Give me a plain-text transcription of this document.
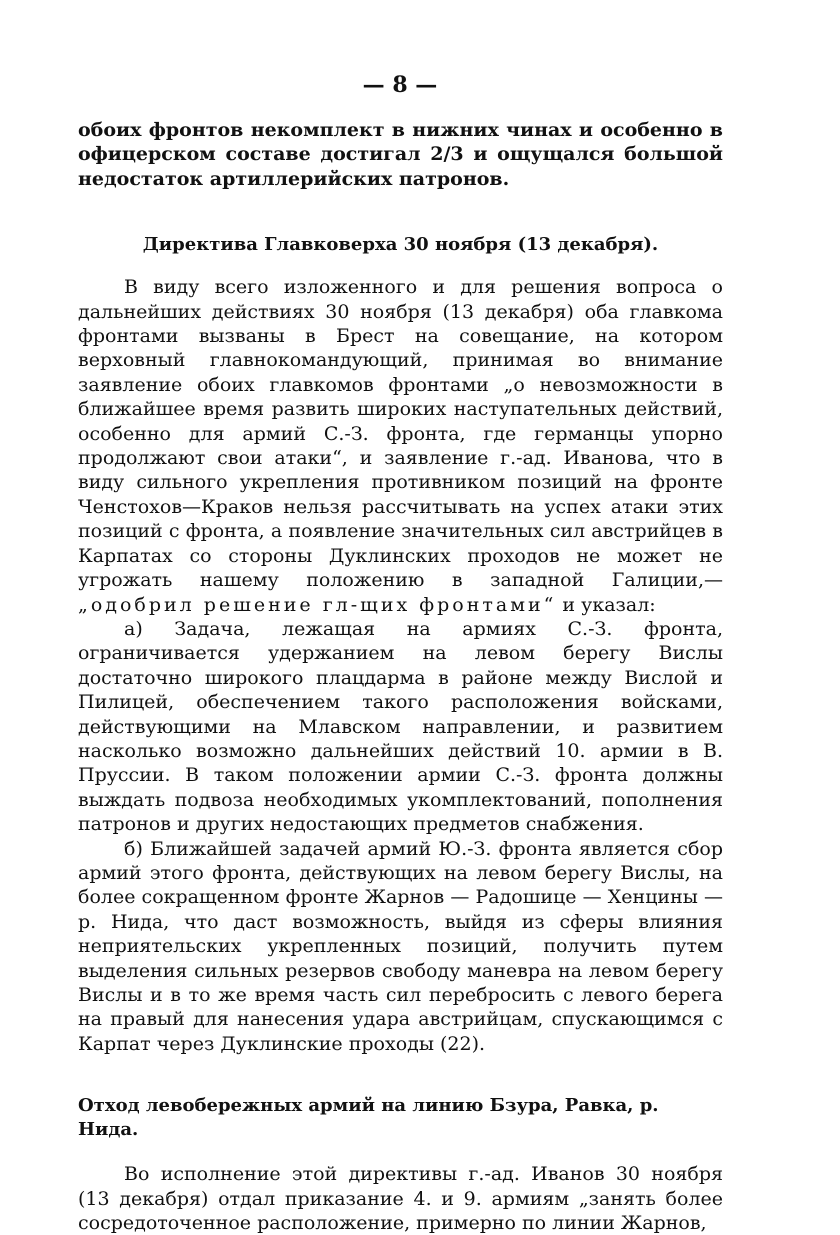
— 8 —

обоих фронтов некомплект в нижних чинах и особенно в офицерском составе достигал 2/3 и ощущался большой недостаток артиллерийских патронов.

Директива Главковерха 30 ноября (13 декабря).

В виду всего изложенного и для решения вопроса о дальнейших действиях 30 ноября (13 декабря) оба главкома фронтами вызваны в Брест на совещание, на котором верховный главнокомандующий, принимая во внимание заявление обоих главкомов фронтами „о невозможности в ближайшее время развить широких наступательных действий, особенно для армий С.-З. фронта, где германцы упорно продолжают свои атаки“, и заявление г.-ад. Иванова, что в виду сильного укрепления противником позиций на фронте Ченстохов—Краков нельзя рассчитывать на успех атаки этих позиций с фронта, а появление значительных сил австрийцев в Карпатах со стороны Дуклинских проходов не может не угрожать нашему положению в западной Галиции,—„одобрил решение гл-щих фронтами“ и указал:

а) Задача, лежащая на армиях С.-З. фронта, ограничивается удержанием на левом берегу Вислы достаточно широкого плацдарма в районе между Вислой и Пилицей, обеспечением такого расположения войсками, действующими на Млавском направлении, и развитием насколько возможно дальнейших действий 10. армии в В. Пруссии. В таком положении армии С.-З. фронта должны выждать подвоза необходимых укомплектований, пополнения патронов и других недостающих предметов снабжения.

б) Ближайшей задачей армий Ю.-З. фронта является сбор армий этого фронта, действующих на левом берегу Вислы, на более сокращенном фронте Жарнов — Радошице — Хенцины — р. Нида, что даст возможность, выйдя из сферы влияния неприятельских укрепленных позиций, получить путем выделения сильных резервов свободу маневра на левом берегу Вислы и в то же время часть сил перебросить с левого берега на правый для нанесения удара австрийцам, спускающимся с Карпат через Дуклинские проходы (22).

Отход левобережных армий на линию Бзура, Равка, р. Нида.

Во исполнение этой директивы г.-ад. Иванов 30 ноября (13 декабря) отдал приказание 4. и 9. армиям „занять более сосредоточенное расположение, примерно по линии Жарнов,
